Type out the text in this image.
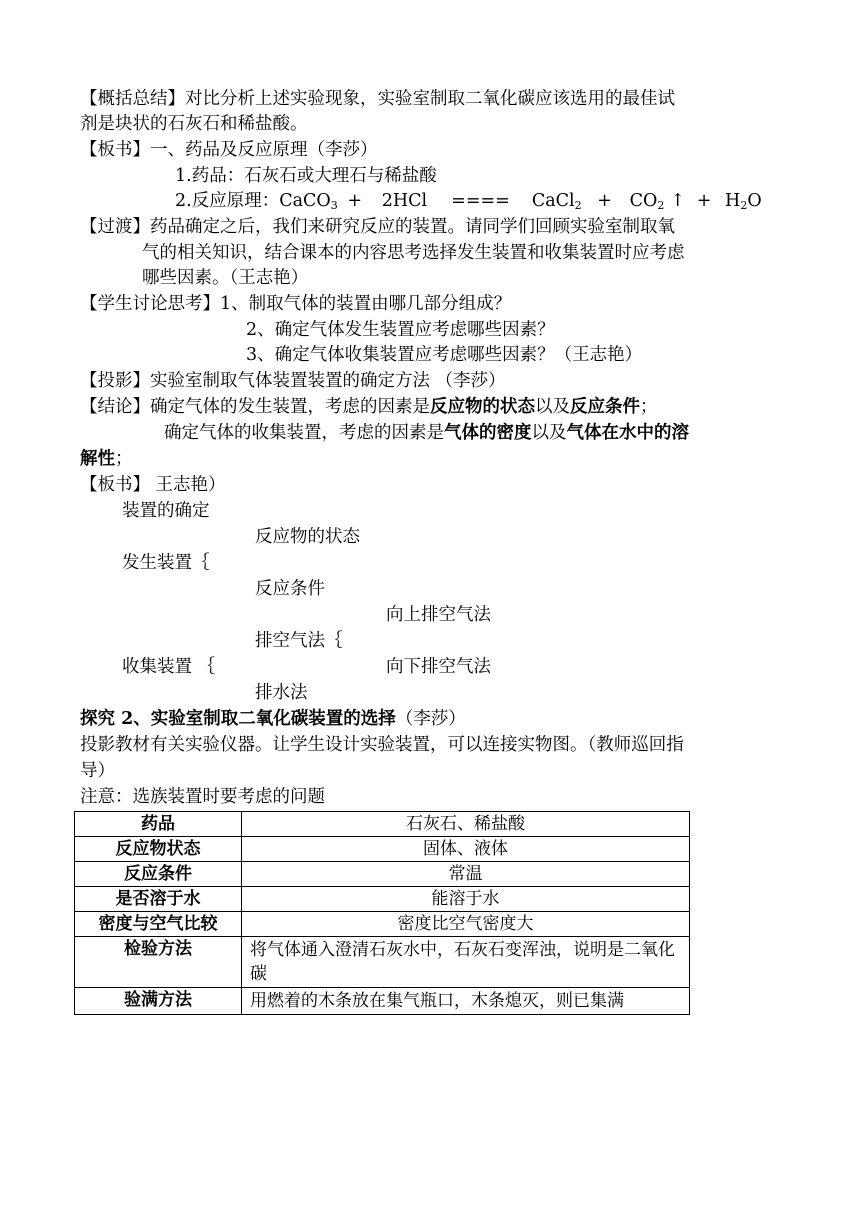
【概括总结】对比分析上述实验现象，实验室制取二氧化碳应该选用的最佳试
剂是块状的石灰石和稀盐酸。
【板书】一、药品及反应原理（李莎）
1.药品：石灰石或大理石与稀盐酸
2.反应原理：CaCO3 + 2HCl ==== CaCl2 + CO2 ↑ + H2O
【过渡】药品确定之后，我们来研究反应的装置。请同学们回顾实验室制取氧
气的相关知识，结合课本的内容思考选择发生装置和收集装置时应考虑
哪些因素。（王志艳）
【学生讨论思考】1、制取气体的装置由哪几部分组成？
2、确定气体发生装置应考虑哪些因素？
3、确定气体收集装置应考虑哪些因素？（王志艳）
【投影】实验室制取气体装置装置的确定方法 （李莎）
【结论】确定气体的发生装置，考虑的因素是反应物的状态以及反应条件；
确定气体的收集装置，考虑的因素是气体的密度以及气体在水中的溶
解性；
【板书】 王志艳）
装置的确定
反应物的状态
发生装置｛
反应条件
向上排空气法
排空气法｛
收集装置 ｛	向下排空气法
排水法
探究 2、实验室制取二氧化碳装置的选择（李莎）
投影教材有关实验仪器。让学生设计实验装置，可以连接实物图。（教师巡回指
导）
注意：选族装置时要考虑的问题
药品	石灰石、稀盐酸
反应物状态	固体、液体
反应条件	常温
是否溶于水	能溶于水
密度与空气比较	密度比空气密度大
检验方法	将气体通入澄清石灰水中，石灰石变浑浊，说明是二氧化碳
验满方法	用燃着的木条放在集气瓶口，木条熄灭，则已集满
